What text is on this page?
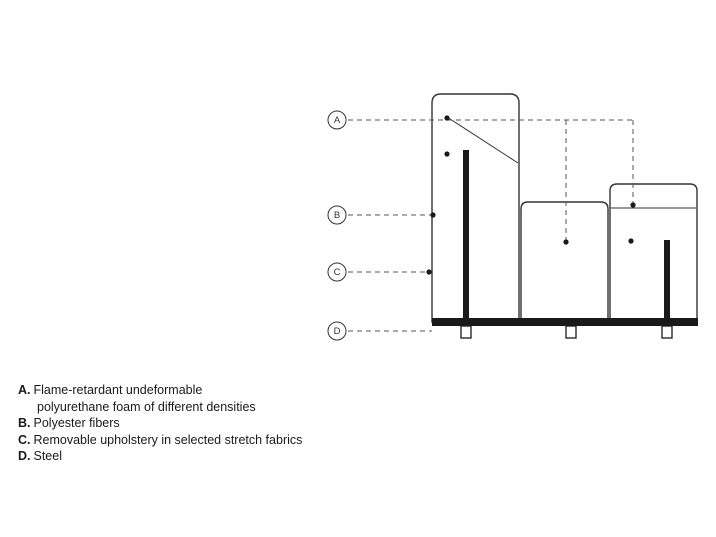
A
B
C
D
A. Flame-retardant undeformable
polyurethane foam of different densities
B. Polyester fibers
C. Removable upholstery in selected stretch fabrics
D. Steel
